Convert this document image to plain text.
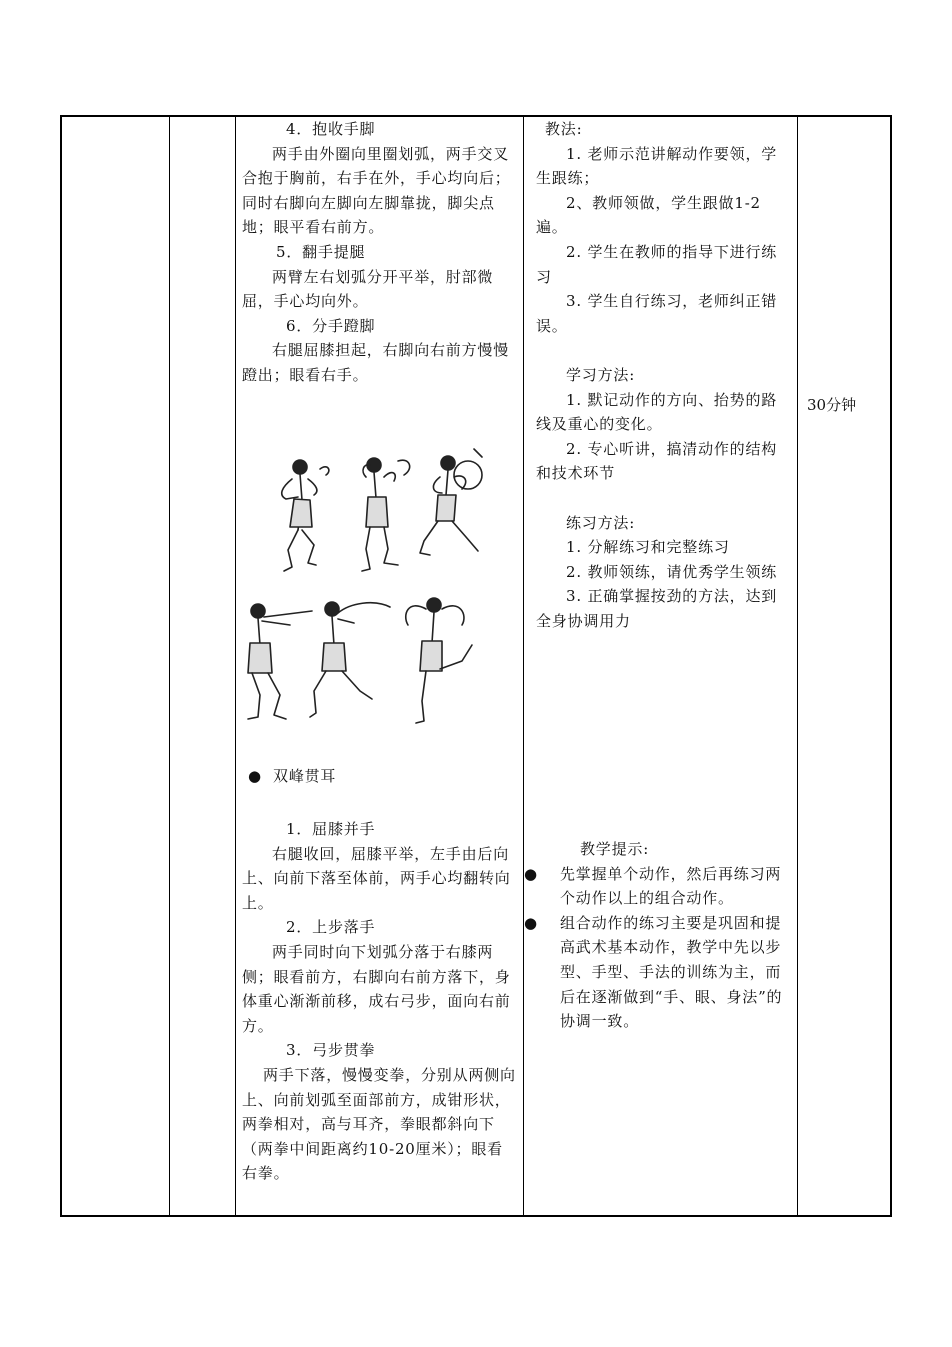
4．抱收手脚

两手由外圈向里圈划弧，两手交叉合抱于胸前，右手在外，手心均向后；同时右脚向左脚向左脚靠拢，脚尖点地；眼平看右前方。

5．翻手提腿

两臂左右划弧分开平举，肘部微屈，手心均向外。

6．分手蹬脚

右腿屈膝担起，右脚向右前方慢慢蹬出；眼看右手。

● 双峰贯耳

1．屈膝并手

右腿收回，屈膝平举，左手由后向上、向前下落至体前，两手心均翻转向上。

2．上步落手

两手同时向下划弧分落于右膝两侧；眼看前方，右脚向右前方落下，身体重心渐渐前移，成右弓步，面向右前方。

3．弓步贯拳

两手下落，慢慢变拳，分别从两侧向上、向前划弧至面部前方，成钳形状，两拳相对，高与耳齐，拳眼都斜向下（两拳中间距离约10-20厘米）；眼看右拳。

教法:

1. 老师示范讲解动作要领，学生跟练；

2、教师领做，学生跟做1-2遍。

2. 学生在教师的指导下进行练习

3. 学生自行练习，老师纠正错误。

学习方法:

1. 默记动作的方向、抬势的路线及重心的变化。

2. 专心听讲，搞清动作的结构和技术环节

练习方法:

1. 分解练习和完整练习

2. 教师领练，请优秀学生领练

3. 正确掌握按劲的方法，达到全身协调用力

教学提示:

● 先掌握单个动作，然后再练习两个动作以上的组合动作。
● 组合动作的练习主要是巩固和提高武术基本动作，教学中先以步型、手型、手法的训练为主，而后在逐渐做到“手、眼、身法”的协调一致。
30分钟
